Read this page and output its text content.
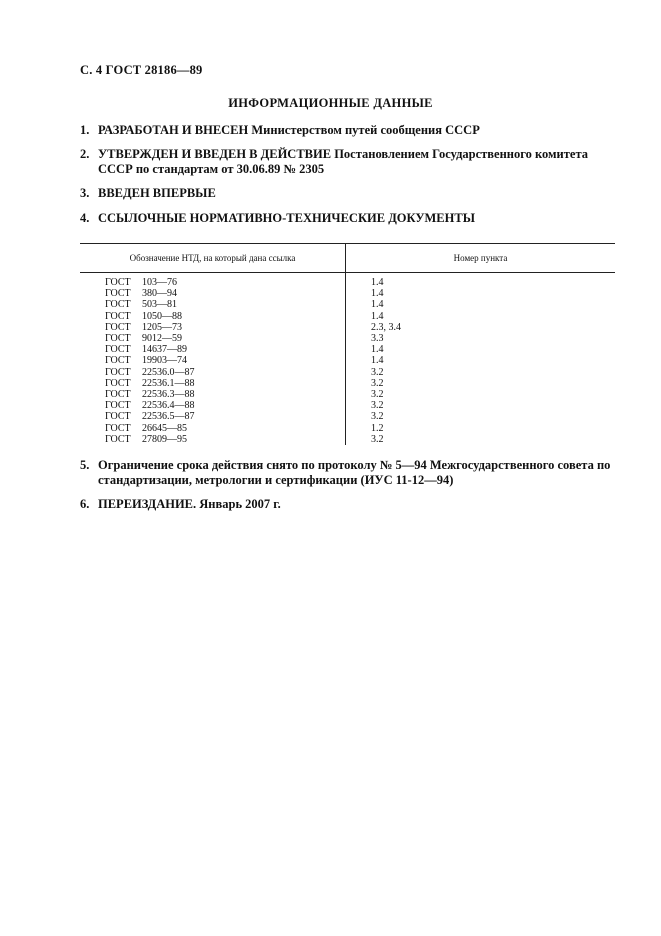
С. 4 ГОСТ 28186—89
ИНФОРМАЦИОННЫЕ ДАННЫЕ
1. РАЗРАБОТАН И ВНЕСЕН Министерством путей сообщения СССР
2. УТВЕРЖДЕН И ВВЕДЕН В ДЕЙСТВИЕ Постановлением Государственного комитета СССР по стандартам от 30.06.89 № 2305
3. ВВЕДЕН ВПЕРВЫЕ
4. ССЫЛОЧНЫЕ НОРМАТИВНО-ТЕХНИЧЕСКИЕ ДОКУМЕНТЫ
Обозначение НТД, на который дана ссылка	Номер пункта
ГОСТ 103—76	1.4
ГОСТ 380—94	1.4
ГОСТ 503—81	1.4
ГОСТ 1050—88	1.4
ГОСТ 1205—73	2.3, 3.4
ГОСТ 9012—59	3.3
ГОСТ 14637—89	1.4
ГОСТ 19903—74	1.4
ГОСТ 22536.0—87	3.2
ГОСТ 22536.1—88	3.2
ГОСТ 22536.3—88	3.2
ГОСТ 22536.4—88	3.2
ГОСТ 22536.5—87	3.2
ГОСТ 26645—85	1.2
ГОСТ 27809—95	3.2
5. Ограничение срока действия снято по протоколу № 5—94 Межгосударственного совета по стандартизации, метрологии и сертификации (ИУС 11-12—94)
6. ПЕРЕИЗДАНИЕ. Январь 2007 г.
